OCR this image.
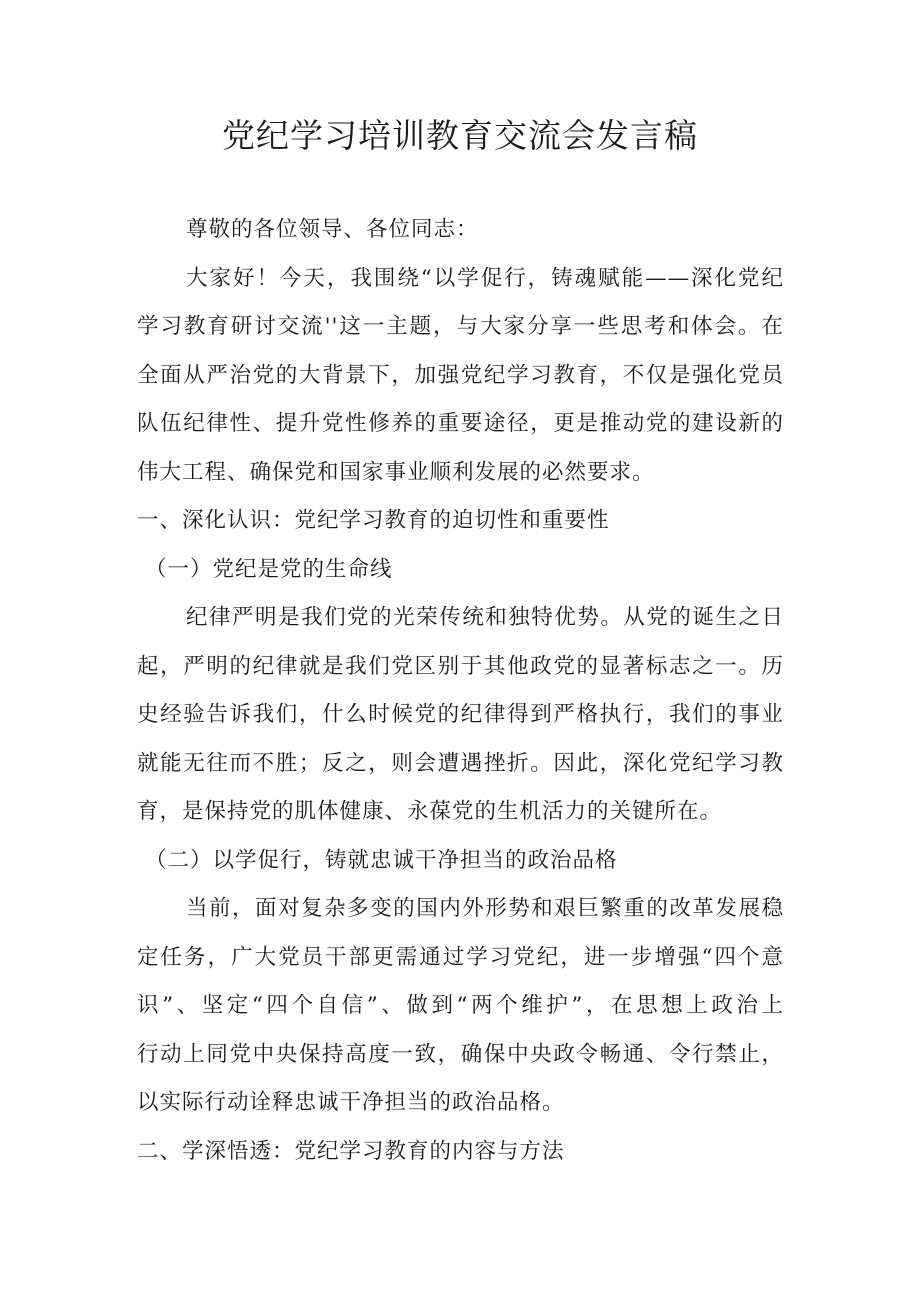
党纪学习培训教育交流会发言稿
尊敬的各位领导、各位同志：
大家好！今天，我围绕“以学促行，铸魂赋能——深化党纪
学习教育研讨交流''这一主题，与大家分享一些思考和体会。在
全面从严治党的大背景下，加强党纪学习教育，不仅是强化党员
队伍纪律性、提升党性修养的重要途径，更是推动党的建设新的
伟大工程、确保党和国家事业顺利发展的必然要求。
一、深化认识：党纪学习教育的迫切性和重要性
（一）党纪是党的生命线
纪律严明是我们党的光荣传统和独特优势。从党的诞生之日
起，严明的纪律就是我们党区别于其他政党的显著标志之一。历
史经验告诉我们，什么时候党的纪律得到严格执行，我们的事业
就能无往而不胜；反之，则会遭遇挫折。因此，深化党纪学习教
育，是保持党的肌体健康、永葆党的生机活力的关键所在。
（二）以学促行，铸就忠诚干净担当的政治品格
当前，面对复杂多变的国内外形势和艰巨繁重的改革发展稳
定任务，广大党员干部更需通过学习党纪，进一步增强“四个意
识”、坚定“四个自信”、做到“两个维护”，在思想上政治上
行动上同党中央保持高度一致，确保中央政令畅通、令行禁止，
以实际行动诠释忠诚干净担当的政治品格。
二、学深悟透：党纪学习教育的内容与方法
